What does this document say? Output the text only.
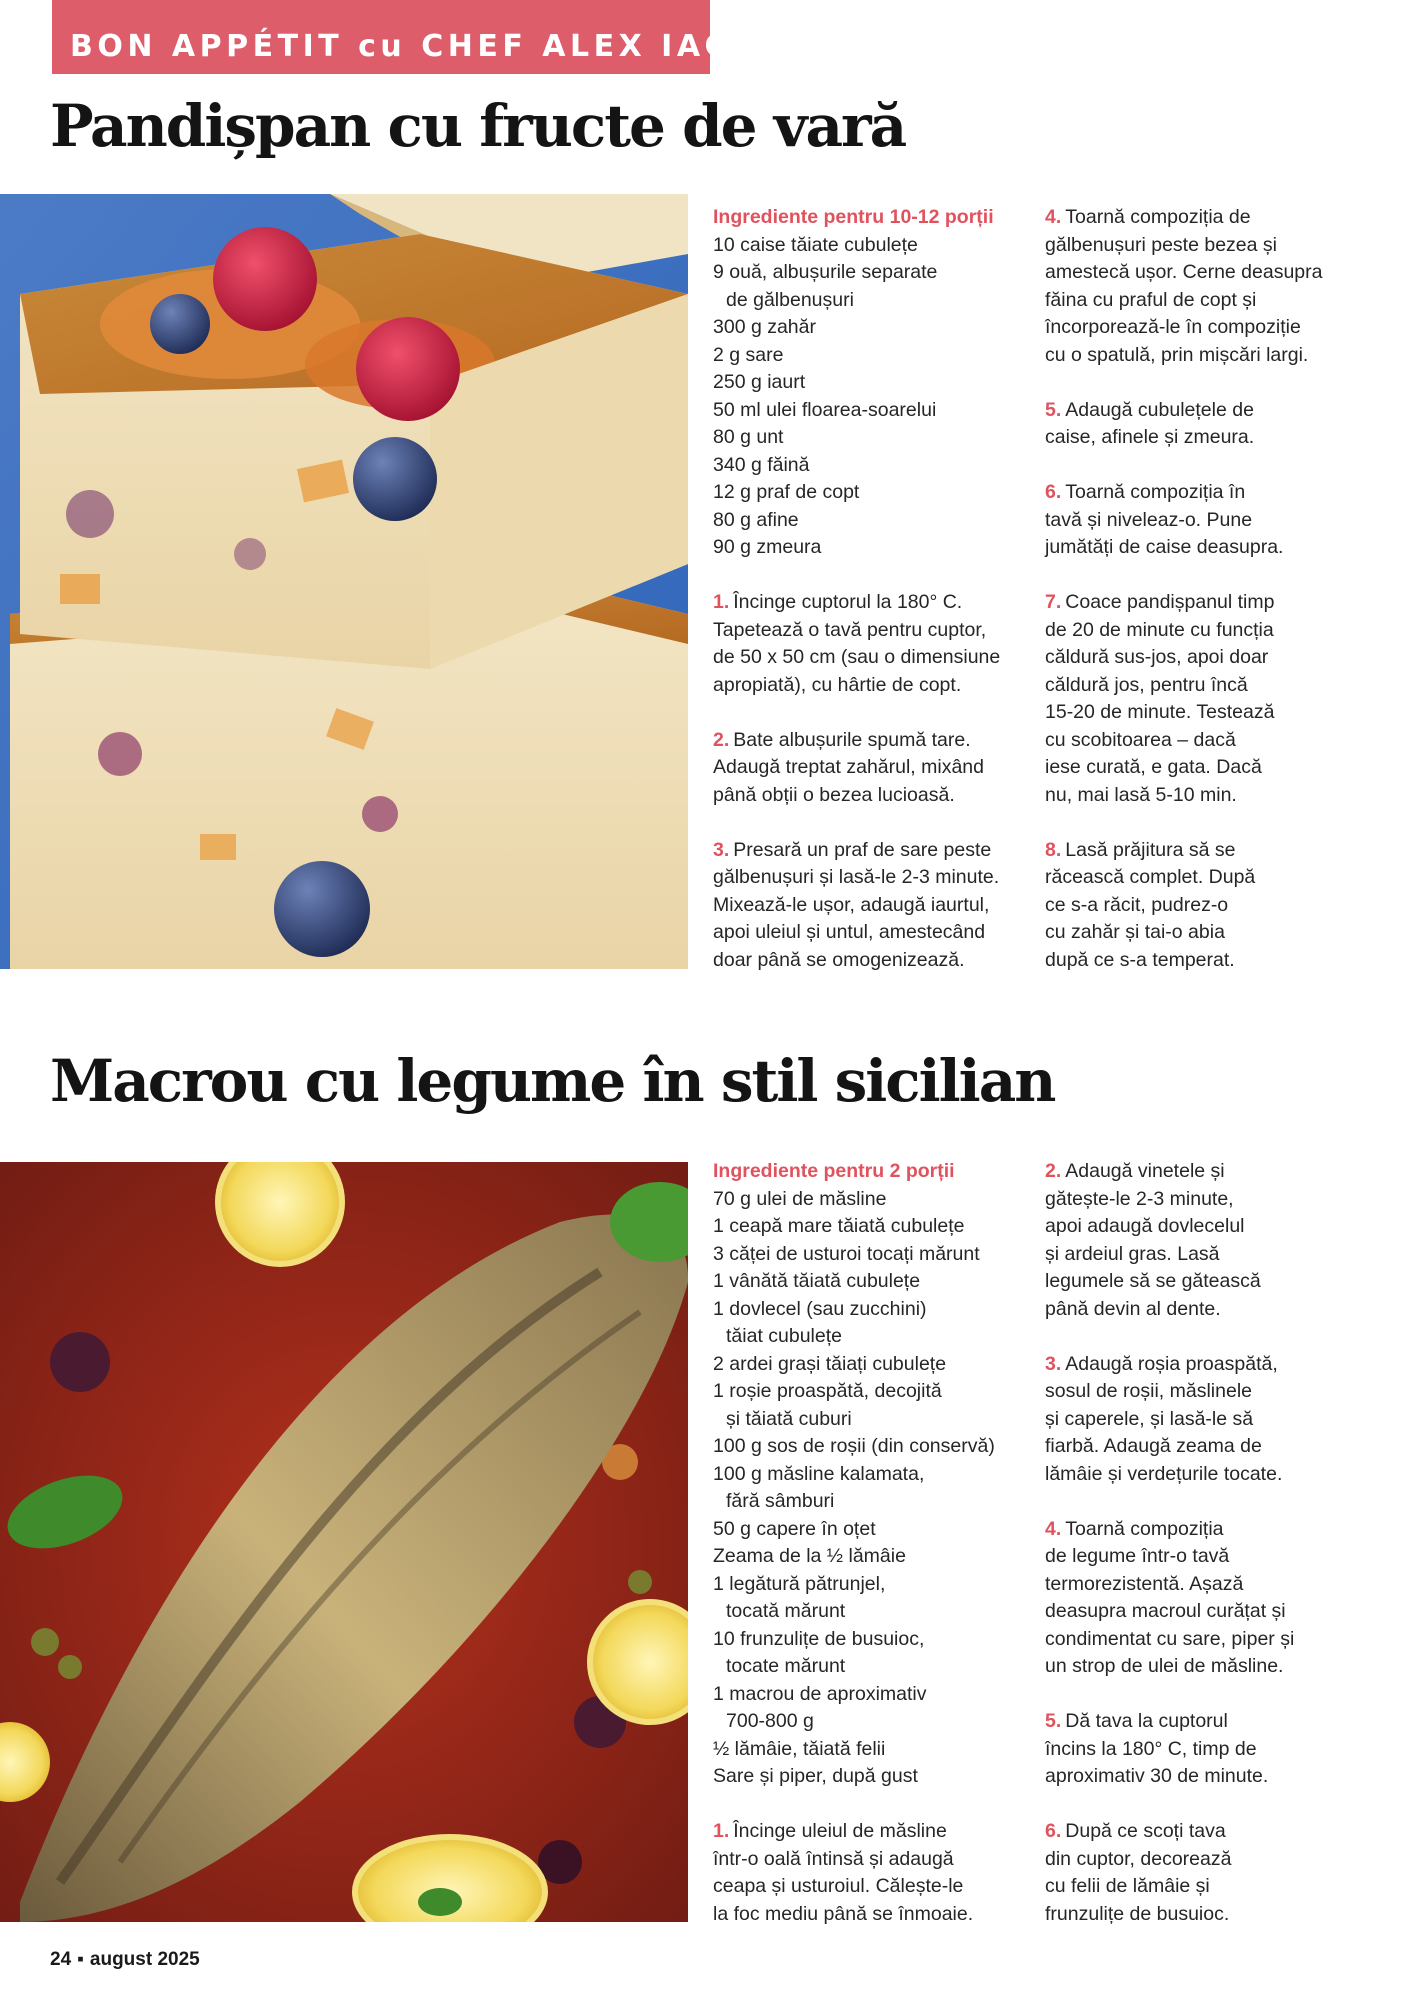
BON APPÉTIT cu CHEF ALEX IACOB
Pandișpan cu fructe de vară

Ingrediente pentru 10-12 porții

10 caise tăiate cubulețe
9 ouă, albușurile separate
de gălbenușuri
300 g zahăr
2 g sare
250 g iaurt
50 ml ulei floarea-soarelui
80 g unt
340 g făină
12 g praf de copt
80 g afine
90 g zmeura
1. Încinge cuptorul la 180° C.
Tapetează o tavă pentru cuptor,
de 50 x 50 cm (sau o dimensiune
apropiată), cu hârtie de copt.
2. Bate albușurile spumă tare.
Adaugă treptat zahărul, mixând
până obții o bezea lucioasă.
3. Presară un praf de sare peste
gălbenușuri și lasă-le 2-3 minute.
Mixează-le ușor, adaugă iaurtul,
apoi uleiul și untul, amestecând
doar până se omogenizează.
4. Toarnă compoziția de
gălbenușuri peste bezea și
amestecă ușor. Cerne deasupra
făina cu praful de copt și
încorporează-le în compoziție
cu o spatulă, prin mișcări largi.
5. Adaugă cubulețele de
caise, afinele și zmeura.
6. Toarnă compoziția în
tavă și niveleaz-o. Pune
jumătăți de caise deasupra.
7. Coace pandișpanul timp
de 20 de minute cu funcția
căldură sus-jos, apoi doar
căldură jos, pentru încă
15-20 de minute. Testează
cu scobitoarea – dacă
iese curată, e gata. Dacă
nu, mai lasă 5-10 min.
8. Lasă prăjitura să se
răcească complet. După
ce s-a răcit, pudrez-o
cu zahăr și tai-o abia
după ce s-a temperat.
Macrou cu legume în stil sicilian

Ingrediente pentru 2 porții

70 g ulei de măsline
1 ceapă mare tăiată cubulețe
3 căței de usturoi tocați mărunt
1 vânătă tăiată cubulețe
1 dovlecel (sau zucchini)
tăiat cubulețe
2 ardei grași tăiați cubulețe
1 roșie proaspătă, decojită
și tăiată cuburi
100 g sos de roșii (din conservă)
100 g măsline kalamata,
fără sâmburi
50 g capere în oțet
Zeama de la ½ lămâie
1 legătură pătrunjel,
tocată mărunt
10 frunzulițe de busuioc,
tocate mărunt
1 macrou de aproximativ
700-800 g
½ lămâie, tăiată felii
Sare și piper, după gust
1. Încinge uleiul de măsline
într-o oală întinsă și adaugă
ceapa și usturoiul. Călește-le
la foc mediu până se înmoaie.
2. Adaugă vinetele și
gătește-le 2-3 minute,
apoi adaugă dovlecelul
și ardeiul gras. Lasă
legumele să se gătească
până devin al dente.
3. Adaugă roșia proaspătă,
sosul de roșii, măslinele
și caperele, și lasă-le să
fiarbă. Adaugă zeama de
lămâie și verdețurile tocate.
4. Toarnă compoziția
de legume într-o tavă
termorezistentă. Așază
deasupra macroul curățat și
condimentat cu sare, piper și
un strop de ulei de măsline.
5. Dă tava la cuptorul
încins la 180° C, timp de
aproximativ 30 de minute.
6. După ce scoți tava
din cuptor, decorează
cu felii de lămâie și
frunzulițe de busuioc.
24 ▪ august 2025
